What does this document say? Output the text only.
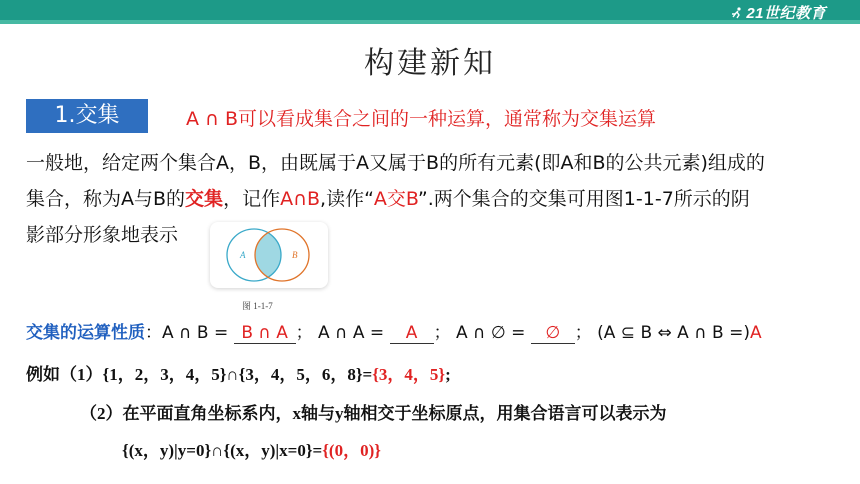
21世纪教育
构建新知
1.交集	A ∩ B可以看成集合之间的一种运算，通常称为交集运算
一般地，给定两个集合A，B，由既属于A又属于B的所有元素(即A和B的公共元素)组成的
集合，称为A与B的交集，记作A∩B,读作“A交B”.两个集合的交集可用图1-1-7所示的阴
影部分形象地表示
A	B
图 1-1-7
交集的运算性质：A ∩ B = B ∩ A ； A ∩ A = A ； A ∩ ∅ = ∅ ； (A ⊆ B ⇔ A ∩ B =)A
例如（1）{1，2，3，4，5}∩{3，4，5，6，8}={3，4，5};
（2）在平面直角坐标系内，x轴与y轴相交于坐标原点，用集合语言可以表示为
{(x，y)|y=0}∩{(x，y)|x=0}={(0，0)}
